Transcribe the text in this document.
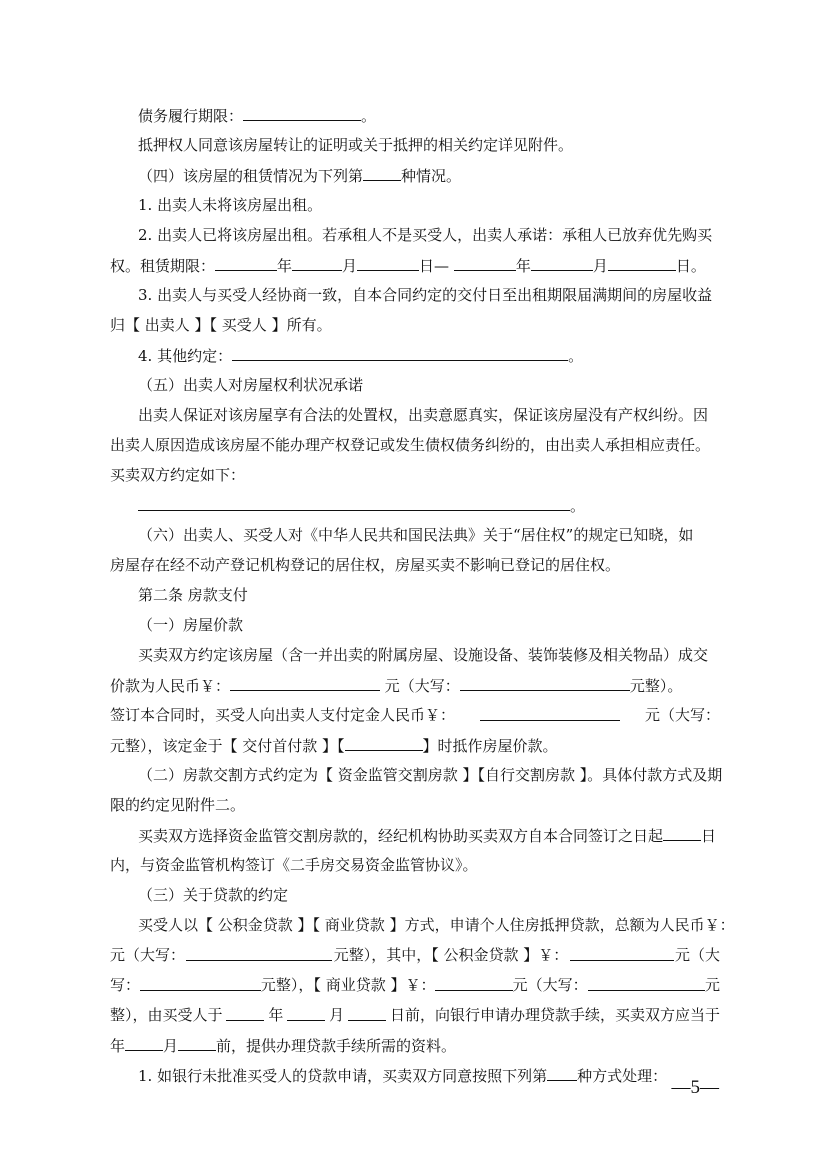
债务履行期限：	。
抵押权人同意该房屋转让的证明或关于抵押的相关约定详见附件。
（四）该房屋的租赁情况为下列第	种情况。
1. 出卖人未将该房屋出租。
2. 出卖人已将该房屋出租。若承租人不是买受人，出卖人承诺：承租人已放弃优先购买
权。租赁期限：	年	月	日—	年	月	日。
3. 出卖人与买受人经协商一致，自本合同约定的交付日至出租期限届满期间的房屋收益
归【 出卖人 】【 买受人 】所有。
4. 其他约定：	。
（五）出卖人对房屋权利状况承诺
出卖人保证对该房屋享有合法的处置权，出卖意愿真实，保证该房屋没有产权纠纷。因
出卖人原因造成该房屋不能办理产权登记或发生债权债务纠纷的，由出卖人承担相应责任。
买卖双方约定如下：
。
（六）出卖人、买受人对《中华人民共和国民法典》关于“居住权”的规定已知晓，如
房屋存在经不动产登记机构登记的居住权，房屋买卖不影响已登记的居住权。
第二条 房款支付
（一）房屋价款
买卖双方约定该房屋（含一并出卖的附属房屋、设施设备、装饰装修及相关物品）成交
价款为人民币￥：	元（大写：	元整）。
签订本合同时，买受人向出卖人支付定金人民币￥：	元（大写：
元整），该定金于【 交付首付款 】【	】时抵作房屋价款。
（二）房款交割方式约定为【 资金监管交割房款 】【自行交割房款 】。具体付款方式及期
限的约定见附件二。
买卖双方选择资金监管交割房款的，经纪机构协助买卖双方自本合同签订之日起	日
内，与资金监管机构签订《二手房交易资金监管协议》。
（三）关于贷款的约定
买受人以【 公积金贷款 】【 商业贷款 】方式，申请个人住房抵押贷款，总额为人民币￥：
元（大写：	元整），其中，【 公积金贷款 】￥：	元（大
写：	元整），【 商业贷款 】￥：	元（大写：	元
整），由买受人于	年	月	日前，向银行申请办理贷款手续，买卖双方应当于
年	月	前，提供办理贷款手续所需的资料。
1. 如银行未批准买受人的贷款申请，买卖双方同意按照下列第 种方式处理：
—5—
